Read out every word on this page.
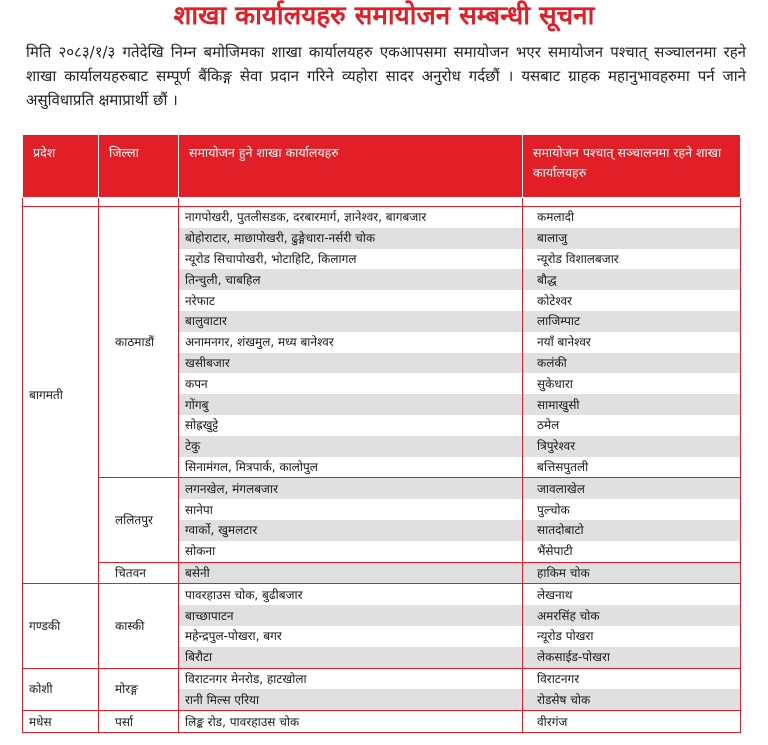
शाखा कार्यालयहरु समायोजन सम्बन्धी सूचना
मिति २०८३/१/३ गतेदेखि निम्न बमोजिमका शाखा कार्यालयहरु एकआपसमा समायोजन भएर समायोजन पश्चात् सञ्चालनमा रहने शाखा कार्यालयहरुबाट सम्पूर्ण बैंकिङ्ग सेवा प्रदान गरिने व्यहोरा सादर अनुरोध गर्दछौं । यसबाट ग्राहक महानुभावहरुमा पर्न जाने असुविधाप्रति क्षमाप्रार्थी छौं ।
प्रदेश	जिल्ला	समायोजन हुने शाखा कार्यालयहरु	समायोजन पश्चात् सञ्चालनमा रहने शाखा कार्यालयहरु

बागमती	काठमाडौं	नागपोखरी, पुतलीसडक, दरबारमार्ग, ज्ञानेश्वर, बागबजार	कमलादी
		बोहोराटार, माछापोखरी, ढुङ्गेधारा-नर्सरी चोक	बालाजु
		न्यूरोड सिचापोखरी, भोटाहिटि, किलागल	न्यूरोड विशालबजार
		तिन्चुली, चाबहिल	बौद्ध
		नरेफाट	कोटेश्वर
		बालुवाटार	लाजिम्पाट
		अनामनगर, शंखमुल, मध्य बानेश्वर	नयाँ बानेश्वर
		खसीबजार	कलंकी
		कपन	सुकेधारा
		गोंगबु	सामाखुसी
		सोह्रखुट्टे	ठमेल
		टेकु	त्रिपुरेश्वर
		सिनामंगल, मित्रपार्क, कालोपुल	बत्तिसपुतली
	ललितपुर	लगनखेल, मंगलबजार	जावलाखेल
		सानेपा	पुल्चोक
		ग्वार्को, खुमलटार	सातदोबाटो
		सोकना	भैंसेपाटी
	चितवन	बसेनी	हाकिम चोक
गण्डकी	कास्की	पावरहाउस चोक, बुढीबजार	लेखनाथ
		बाच्छापाटन	अमरसिंह चोक
		महेन्द्रपुल-पोखरा, बगर	न्यूरोड पोखरा
		बिरौटा	लेकसाईड-पोखरा
कोशी	मोरङ्ग	विराटनगर मेनरोड, हाटखोला	विराटनगर
		रानी मिल्स एरिया	रोडसेष चोक
मधेस	पर्सा	लिङ्क रोड, पावरहाउस चोक	वीरगंज
